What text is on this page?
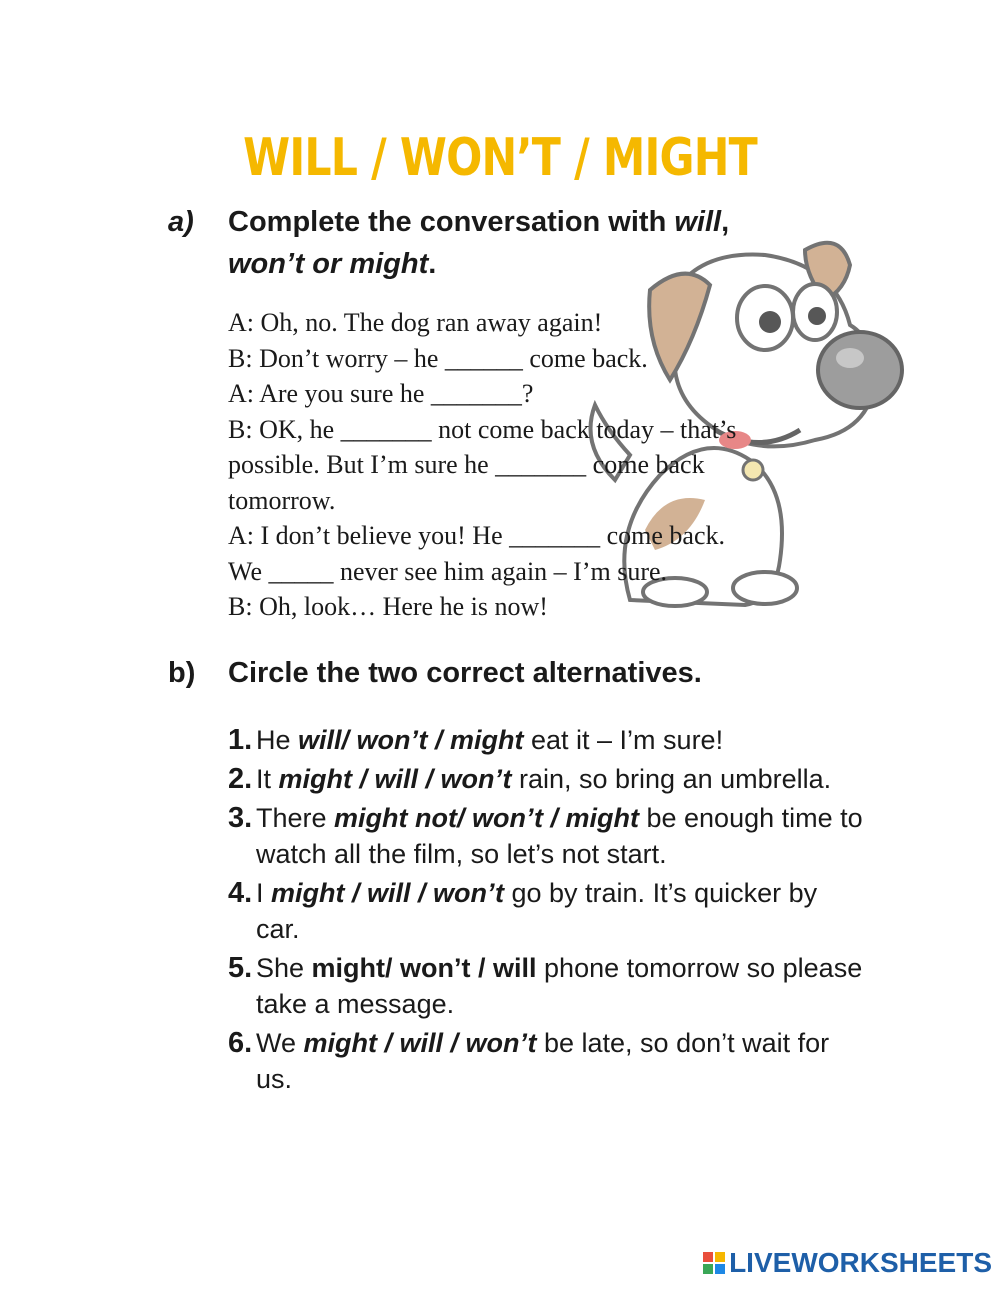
WILL / WON’T / MIGHT
a) Complete the conversation with will,
won’t or might.
A: Oh, no. The dog ran away again!
B: Don’t worry – he ______ come back.
A: Are you sure he _______?
B: OK, he _______ not come back today – that’s
possible. But I’m sure he _______ come back
tomorrow.
A: I don’t believe you! He _______ come back.
We _____ never see him again – I’m sure.
B: Oh, look… Here he is now!
b) Circle the two correct alternatives.
1. He will/ won’t / might eat it – I’m sure!
2. It might / will / won’t rain, so bring an umbrella.
3. There might not/ won’t / might be enough time to watch all the film, so let’s not start.
4. I might / will / won’t go by train. It’s quicker by car.
5. She might/ won’t / will phone tomorrow so please take a message.
6. We might / will / won’t be late, so don’t wait for us.
LIVEWORKSHEETS
